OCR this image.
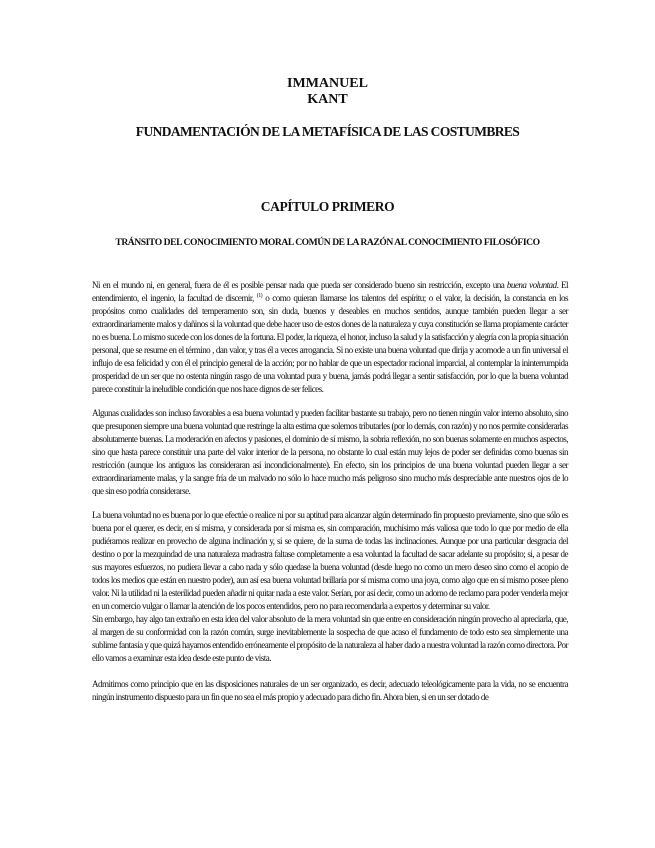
IMMANUEL
KANT
FUNDAMENTACIÓN DE LA METAFÍSICA DE LAS COSTUMBRES
CAPÍTULO PRIMERO
TRÁNSITO DEL CONOCIMIENTO MORAL COMÚN DE LA RAZÓN AL CONOCIMIENTO FILOSÓFICO

Ni en el mundo ni, en general, fuera de él es posible pensar nada que pueda ser considerado bueno sin restricción, excepto una buena voluntad. El entendimiento, el ingenio, la facultad de discernir, $^{(1)}$ o como quieran llamarse los talentos del espíritu; o el valor, la decisión, la constancia en los propósitos como cualidades del temperamento son, sin duda, buenos y deseables en muchos sentidos, aunque también pueden llegar a ser extraordinariamente malos y dañinos si la voluntad que debe hacer uso de estos dones de la naturaleza y cuya constitución se llama propiamente carácter no es buena. Lo mismo sucede con los dones de la fortuna. El poder, la riqueza, el honor, incluso la salud y la satisfacción y alegría con la propia situación personal, que se resume en el término , dan valor, y tras él a veces arrogancia. Si no existe una buena voluntad que dirija y acomode a un fin universal el influjo de esa felicidad y con él el principio general de la acción; por no hablar de que un espectador racional imparcial, al contemplar la ininterrumpida prosperidad de un ser que no ostenta ningún rasgo de una voluntad pura y buena, jamás podrá llegar a sentir satisfacción, por lo que la buena voluntad parece constituir la ineludible condición que nos hace dignos de ser felices.

Algunas cualidades son incluso favorables a esa buena voluntad y pueden facilitar bastante su trabajo, pero no tienen ningún valor interno absoluto, sino que presuponen siempre una buena voluntad que restringe la alta estima que solemos tributarles (por lo demás, con razón) y no nos permite considerarlas absolutamente buenas. La moderación en afectos y pasiones, el dominio de sí mismo, la sobria reflexión, no son buenas solamente en muchos aspectos, sino que hasta parece constituir una parte del valor interior de la persona, no obstante lo cual están muy lejos de poder ser definidas como buenas sin restricción (aunque los antiguos las consideraran así incondicionalmente). En efecto, sin los principios de una buena voluntad pueden llegar a ser extraordinariamente malas, y la sangre fría de un malvado no sólo lo hace mucho más peligroso sino mucho más despreciable ante nuestros ojos de lo que sin eso podría considerarse.

La buena voluntad no es buena por lo que efectúe o realice ni por su aptitud para alcanzar algún determinado fin propuesto previamente, sino que sólo es buena por el querer, es decir, en sí misma, y considerada por sí misma es, sin comparación, muchísimo más valiosa que todo lo que por medio de ella pudiéramos realizar en provecho de alguna inclinación y, si se quiere, de la suma de todas las inclinaciones. Aunque por una particular desgracia del destino o por la mezquindad de una naturaleza madrastra faltase completamente a esa voluntad la facultad de sacar adelante su propósito; si, a pesar de sus mayores esfuerzos, no pudiera llevar a cabo nada y sólo quedase la buena voluntad (desde luego no como un mero deseo sino como el acopio de todos los medios que están en nuestro poder), aun así esa buena voluntad brillaría por sí misma como una joya, como algo que en sí mismo posee pleno valor. Ni la utilidad ni la esterilidad pueden añadir ni quitar nada a este valor. Serían, por así decir, como un adorno de reclamo para poder venderla mejor en un comercio vulgar o llamar la atención de los pocos entendidos, pero no para recomendarla a expertos y determinar su valor.

Sin embargo, hay algo tan extraño en esta idea del valor absoluto de la mera voluntad sin que entre en consideración ningún provecho al apreciarla, que, al margen de su conformidad con la razón común, surge inevitablemente la sospecha de que acaso el fundamento de todo esto sea simplemente una sublime fantasía y que quizá hayamos entendido erróneamente el propósito de la naturaleza al haber dado a nuestra voluntad la razón como directora. Por ello vamos a examinar esta idea desde este punto de vista.

Admitimos como principio que en las disposiciones naturales de un ser organizado, es decir, adecuado teleológicamente para la vida, no se encuentra ningún instrumento dispuesto para un fin que no sea el más propio y adecuado para dicho fin. Ahora bien, si en un ser dotado de
